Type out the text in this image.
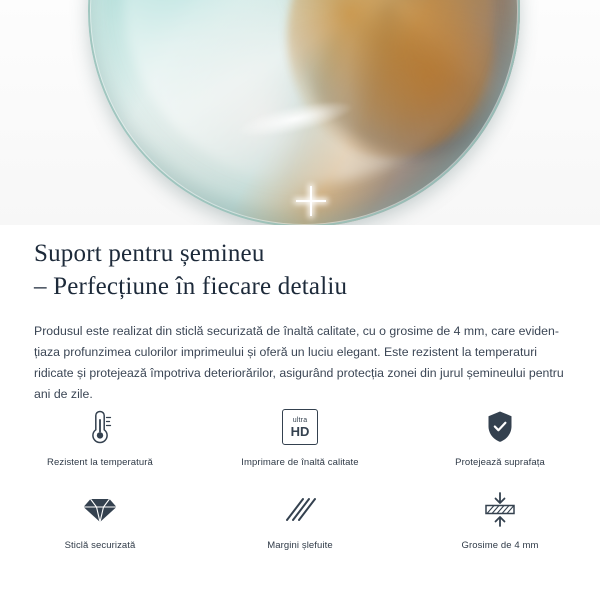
Suport pentru șemineu
– Perfecțiune în fiecare detaliu

Produsul este realizat din sticlă securizată de înaltă calitate, cu o grosime de 4 mm, care eviden-țiaza profunzimea culorilor imprimeului și oferă un luciu elegant. Este rezistent la temperaturi ridicate și protejează împotriva deteriorărilor, asigurând protecția zonei din jurul șemineului pentru ani de zile.

Rezistent la temperatură
ultra
HD
Imprimare de înaltă calitate	Protejează suprafața
Sticlă securizată	Margini șlefuite	Grosime de 4 mm
